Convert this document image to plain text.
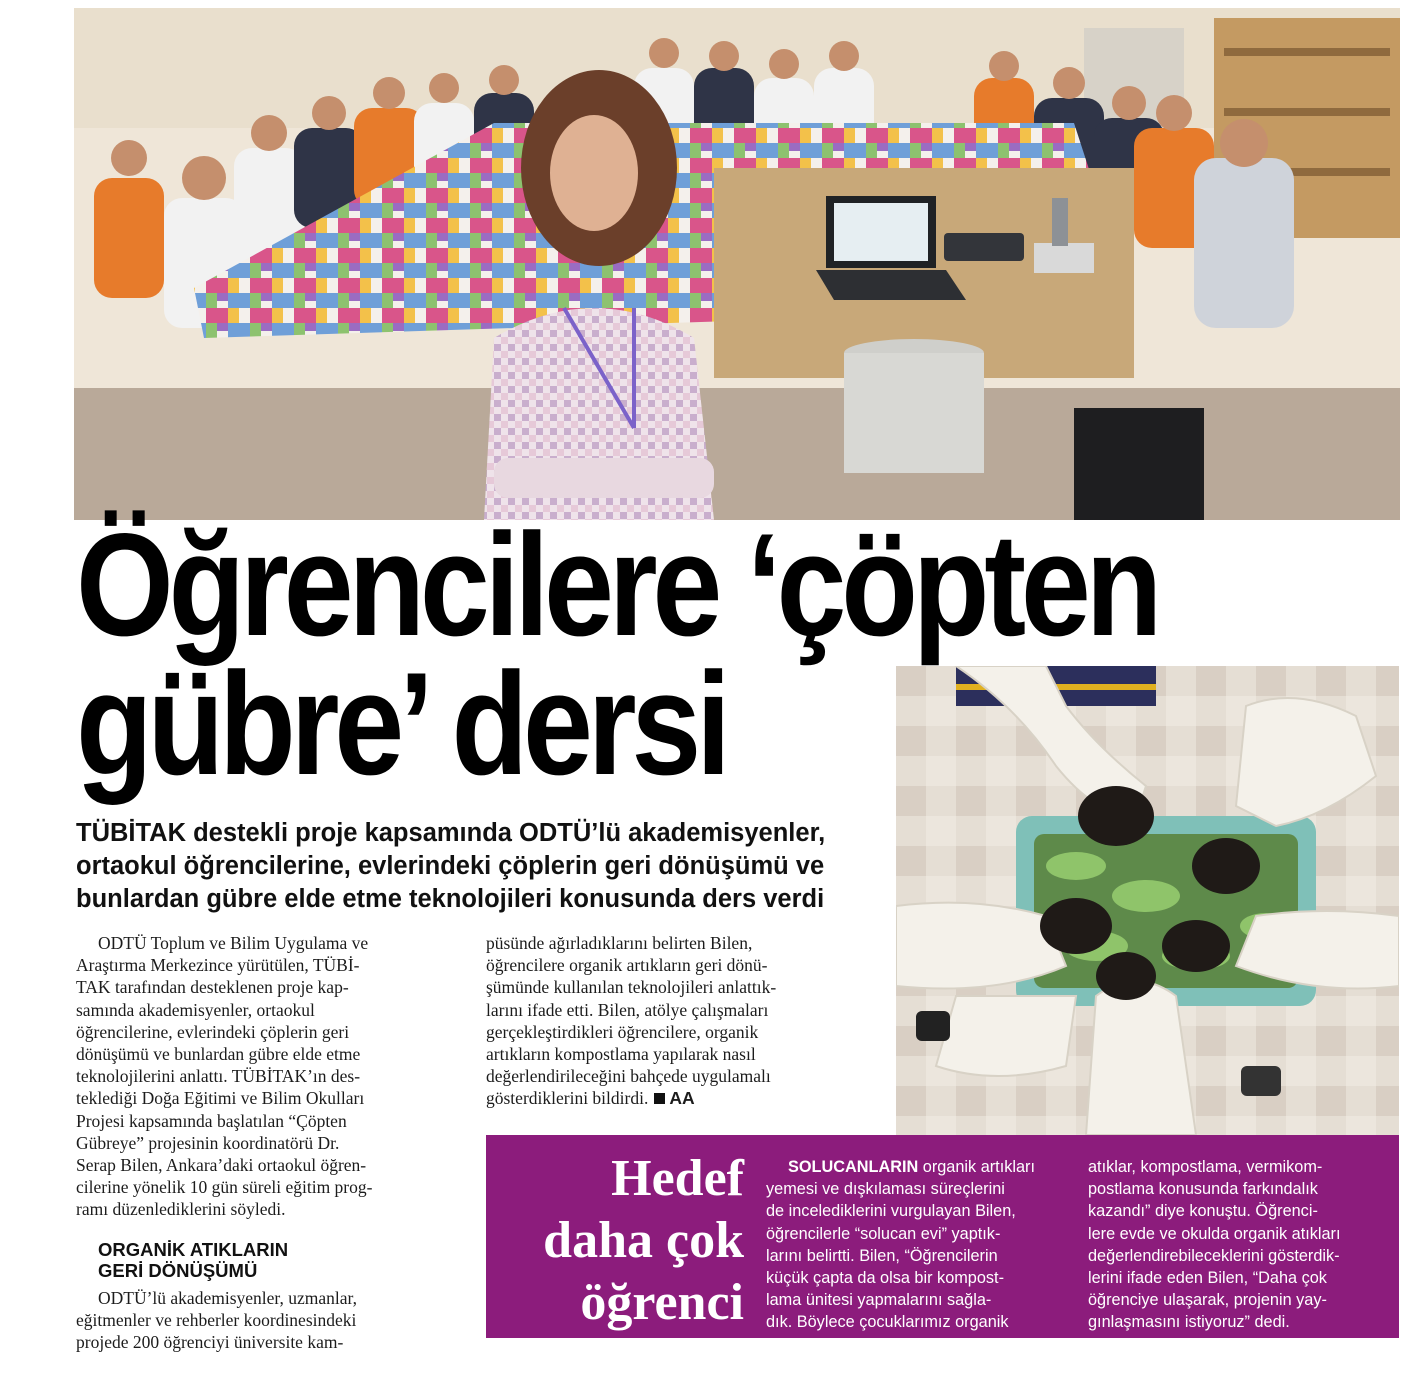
Öğrencilere ‘çöpten
gübre’ dersi
TÜBİTAK destekli proje kapsamında ODTÜ’lü akademisyenler,
ortaokul öğrencilerine, evlerindeki çöplerin geri dönüşümü ve
bunlardan gübre elde etme teknolojileri konusunda ders verdi

ODTÜ Toplum ve Bilim Uygulama ve

Araştırma Merkezince yürütülen, TÜBİ-

TAK tarafından desteklenen proje kap-

samında akademisyenler, ortaokul

öğrencilerine, evlerindeki çöplerin geri

dönüşümü ve bunlardan gübre elde etme

teknolojilerini anlattı. TÜBİTAK’ın des-

teklediği Doğa Eğitimi ve Bilim Okulları

Projesi kapsamında başlatılan “Çöpten

Gübreye” projesinin koordinatörü Dr.

Serap Bilen, Ankara’daki ortaokul öğren-

cilerine yönelik 10 gün süreli eğitim prog-

ramı düzenlediklerini söyledi.

ORGANİK ATIKLARIN
GERİ DÖNÜŞÜMÜ

ODTÜ’lü akademisyenler, uzmanlar,

eğitmenler ve rehberler koordinesindeki

projede 200 öğrenciyi üniversite kam-

püsünde ağırladıklarını belirten Bilen,

öğrencilere organik artıkların geri dönü-

şümünde kullanılan teknolojileri anlattık-

larını ifade etti. Bilen, atölye çalışmaları

gerçekleştirdikleri öğrencilere, organik

artıkların kompostlama yapılarak nasıl

değerlendirileceğini bahçede uygulamalı

gösterdiklerini bildirdi. AA

Hedef
daha çok
öğrenci

SOLUCANLARIN organik artıkları

yemesi ve dışkılaması süreçlerini

de incelediklerini vurgulayan Bilen,

öğrencilerle “solucan evi” yaptık-

larını belirtti. Bilen, “Öğrencilerin

küçük çapta da olsa bir kompost-

lama ünitesi yapmalarını sağla-

dık. Böylece çocuklarımız organik

atıklar, kompostlama, vermikom-

postlama konusunda farkındalık

kazandı” diye konuştu. Öğrenci-

lere evde ve okulda organik atıkları

değerlendirebileceklerini gösterdik-

lerini ifade eden Bilen, “Daha çok

öğrenciye ulaşarak, projenin yay-

gınlaşmasını istiyoruz” dedi.
